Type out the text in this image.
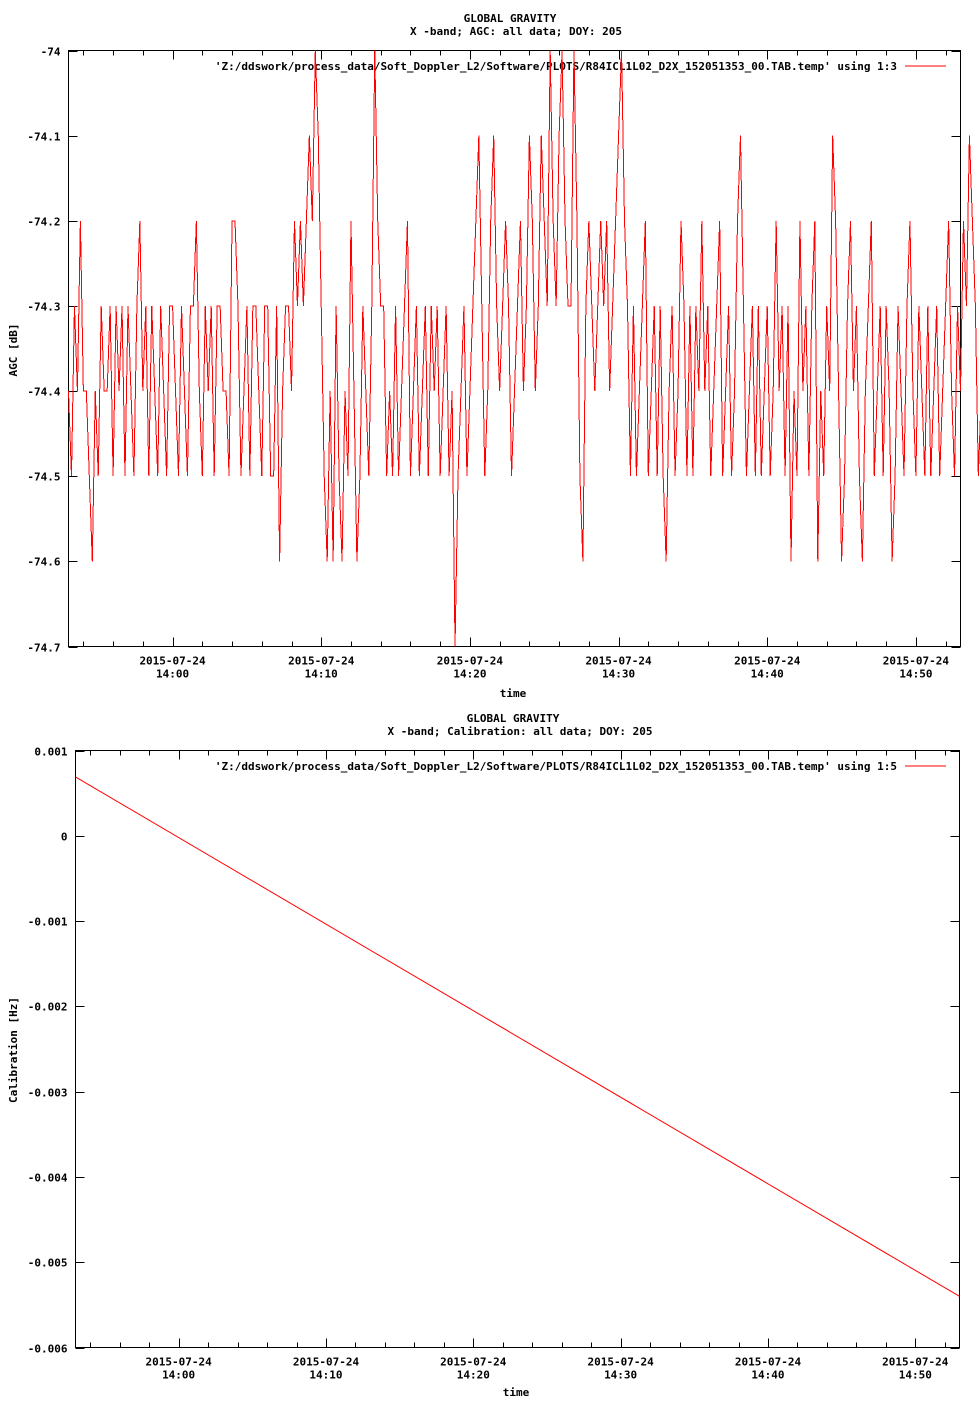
GLOBAL GRAVITY
X -band; AGC: all data; DOY: 205
-74
-74.1
-74.2
-74.3
-74.4
-74.5
-74.6
-74.7
2015-07-24
14:00
2015-07-24
14:10
2015-07-24
14:20
2015-07-24
14:30
2015-07-24
14:40
2015-07-24
14:50
time
AGC [dB]
'Z:/ddswork/process_data/Soft_Doppler_L2/Software/PLOTS/R84ICL1L02_D2X_152051353_00.TAB.temp' using 1:3
GLOBAL GRAVITY
X -band; Calibration: all data; DOY: 205
0.001
0
-0.001
-0.002
-0.003
-0.004
-0.005
-0.006
2015-07-24
14:00
2015-07-24
14:10
2015-07-24
14:20
2015-07-24
14:30
2015-07-24
14:40
2015-07-24
14:50
time
Calibration [Hz]
'Z:/ddswork/process_data/Soft_Doppler_L2/Software/PLOTS/R84ICL1L02_D2X_152051353_00.TAB.temp' using 1:5
